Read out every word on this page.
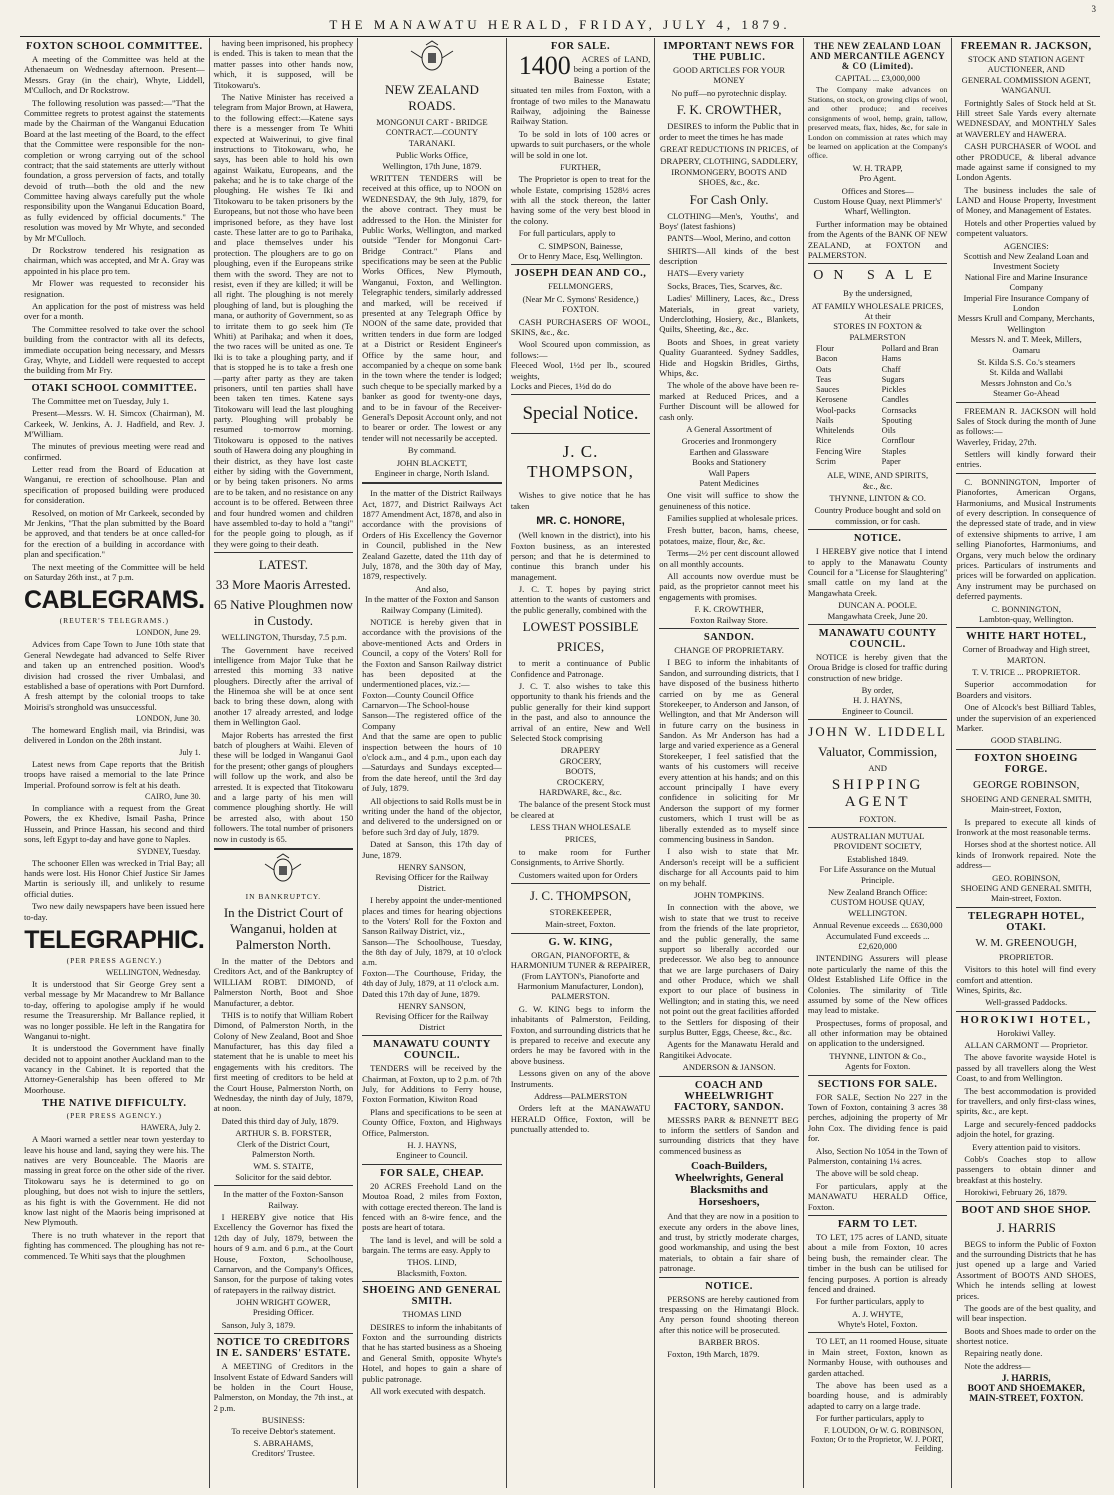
THE MANAWATU HERALD, FRIDAY, JULY 4, 1879.
3
FOXTON SCHOOL COMMITTEE.

A meeting of the Committee was held at the Athenaeum on Wednesday afternoon. Present—Messrs. Gray (in the chair), Whyte, Liddell, M'Culloch, and Dr Rockstrow.

The following resolution was passed:—"That the Committee regrets to protest against the statements made by the Chairman of the Wanganui Education Board at the last meeting of the Board, to the effect that the Committee were responsible for the non-completion or wrong carrying out of the school contract; that the said statements are utterly without foundation, a gross perversion of facts, and totally devoid of truth—both the old and the new Committee having always carefully put the whole responsibility upon the Wanganui Education Board, as fully evidenced by official documents." The resolution was moved by Mr Whyte, and seconded by Mr M'Culloch.

Dr Rockstrow tendered his resignation as chairman, which was accepted, and Mr A. Gray was appointed in his place pro tem.

Mr Flower was requested to reconsider his resignation.

An application for the post of mistress was held over for a month.

The Committee resolved to take over the school building from the contractor with all its defects, immediate occupation being necessary, and Messrs Gray, Whyte, and Liddell were requested to accept the building from Mr Fry.

OTAKI SCHOOL COMMITTEE.

The Committee met on Tuesday, July 1.

Present—Messrs. W. H. Simcox (Chairman), M. Carkeek, W. Jenkins, A. J. Hadfield, and Rev. J. M'William.

The minutes of previous meeting were read and confirmed.

Letter read from the Board of Education at Wanganui, re erection of schoolhouse. Plan and specification of proposed building were produced for consideration.

Resolved, on motion of Mr Carkeek, seconded by Mr Jenkins, "That the plan submitted by the Board be approved, and that tenders be at once called-for for the erection of a building in accordance with plan and specification."

The next meeting of the Committee will be held on Saturday 26th inst., at 7 p.m.

CABLEGRAMS.
(REUTER'S TELEGRAMS.)
LONDON, June 29.

Advices from Cape Town to June 10th state that General Newdegate had advanced to Selfe River and taken up an entrenched position. Wood's division had crossed the river Umbalasi, and established a base of operations with Port Durnford. A fresh attempt by the colonial troops to take Moirisi's stronghold was unsuccessful.

LONDON, June 30.

The homeward English mail, via Brindisi, was delivered in London on the 28th instant.

July 1.

Latest news from Cape reports that the British troops have raised a memorial to the late Prince Imperial. Profound sorrow is felt at his death.

CAIRO, June 30.

In compliance with a request from the Great Powers, the ex Khedive, Ismail Pasha, Prince Hussein, and Prince Hassan, his second and third sons, left Egypt to-day and have gone to Naples.

SYDNEY, Tuesday.

The schooner Ellen was wrecked in Trial Bay; all hands were lost. His Honor Chief Justice Sir James Martin is seriously ill, and unlikely to resume official duties.

Two new daily newspapers have been issued here to-day.

TELEGRAPHIC.
(PER PRESS AGENCY.)
WELLINGTON, Wednesday.

It is understood that Sir George Grey sent a verbal message by Mr Macandrew to Mr Ballance to-day, offering to apologise amply if he would resume the Treasurership. Mr Ballance replied, it was no longer possible. He left in the Rangatira for Wanganui to-night.

It is understood the Government have finally decided not to appoint another Auckland man to the vacancy in the Cabinet. It is reported that the Attorney-Generalship has been offered to Mr Moorhouse.

THE NATIVE DIFFICULTY.
(PER PRESS AGENCY.)
HAWERA, July 2.

A Maori warned a settler near town yesterday to leave his house and land, saying they were his. The natives are very Bounceable. The Maoris are massing in great force on the other side of the river. Titokowaru says he is determined to go on ploughing, but does not wish to injure the settlers, as his fight is with the Government. He did not know last night of the Maoris being imprisoned at New Plymouth.

There is no truth whatever in the report that fighting has commenced. The ploughing has not re-commenced. Te Whiti says that the ploughmen

having been imprisoned, his prophecy is ended. This is taken to mean that the matter passes into other hands now, which, it is supposed, will be Titokowaru's.

The Native Minister has received a telegram from Major Brown, at Hawera, to the following effect:—Katene says there is a messenger from Te Whiti expected at Waiwerinui, to give final instructions to Titokowaru, who, he says, has been able to hold his own against Waikatu, Europeans, and the pakeha; and he is to take charge of the ploughing. He wishes Te Iki and Titokowaru to be taken prisoners by the Europeans, but not those who have been imprisoned before, as they have lost caste. These latter are to go to Parihaka, and place themselves under his protection. The ploughers are to go on ploughing, even if the Europeans strike them with the sword. They are not to resist, even if they are killed; it will be all right. The ploughing is not merely ploughing of land, but is ploughing the mana, or authority of Government, so as to irritate them to go seek him (Te Whiti) at Parihaka; and when it does, the two races will be united as one. Te Iki is to take a ploughing party, and if that is stopped he is to take a fresh one—party after party as they are taken prisoners, until ten parties shall have been taken ten times. Katene says Titokowaru will lead the last ploughing party. Ploughing will probably be resumed to-morrow morning. Titokowaru is opposed to the natives south of Hawera doing any ploughing in their district, as they have lost caste either by siding with the Government, or by being taken prisoners. No arms are to be taken, and no resistance on any account is to be offered. Between three and four hundred women and children have assembled to-day to hold a "tangi" for the people going to plough, as if they were going to their death.

LATEST.
33 More Maoris Arrested.
65 Native Ploughmen now in Custody.

WELLINGTON, Thursday, 7.5 p.m.

The Government have received intelligence from Major Tuke that he arrested this morning 33 native ploughers. Directly after the arrival of the Hinemoa she will be at once sent back to bring these down, along with another 17 already arrested, and lodge them in Wellington Gaol.

Major Roberts has arrested the first batch of ploughers at Waihi. Eleven of these will be lodged in Wanganui Gaol for the present; other gangs of ploughers will follow up the work, and also be arrested. It is expected that Titokowaru and a large party of his men will commence ploughing shortly. He will be arrested also, with about 150 followers. The total number of prisoners now in custody is 65.

IN BANKRUPTCY.
In the District Court of Wanganui, holden at Palmerston North.

In the matter of the Debtors and Creditors Act, and of the Bankruptcy of WILLIAM ROBT. DIMOND, of Palmerston North, Boot and Shoe Manufacturer, a debtor.

THIS is to notify that William Robert Dimond, of Palmerston North, in the Colony of New Zealand, Boot and Shoe Manufacturer, has this day filed a statement that he is unable to meet his engagements with his creditors. The first meeting of creditors to be held at the Court House, Palmerston North, on Wednesday, the ninth day of July, 1879, at noon.

Dated this third day of July, 1879.

ARTHUR S. B. FORSTER,
Clerk of the District Court,
Palmerston North.
WM. S. STAITE,
Solicitor for the said debtor.

In the matter of the Foxton-Sanson Railway.

I HEREBY give notice that His Excellency the Governor has fixed the 12th day of July, 1879, between the hours of 9 a.m. and 6 p.m., at the Court House, Foxton, Schoolhouse, Carnarvon, and the Company's Offices, Sanson, for the purpose of taking votes of ratepayers in the railway district.

JOHN WRIGHT GOWER,
Presiding Officer.

Sanson, July 3, 1879.

NOTICE TO CREDITORS IN E. SANDERS' ESTATE.

A MEETING of Creditors in the Insolvent Estate of Edward Sanders will be holden in the Court House, Palmerston, on Monday, the 7th inst., at 2 p.m.

BUSINESS:
To receive Debtor's statement.

S. ABRAHAMS,
Creditors' Trustee.
NEW ZEALAND ROADS.
MONGONUI CART - BRIDGE CONTRACT.—COUNTY TARANAKI.

Public Works Office,
Wellington, 17th June, 1879.

WRITTEN TENDERS will be received at this office, up to NOON on WEDNESDAY, the 9th July, 1879, for the above contract. They must be addressed to the Hon. the Minister for Public Works, Wellington, and marked outside "Tender for Mongonui Cart-Bridge Contract." Plans and specifications may be seen at the Public Works Offices, New Plymouth, Wanganui, Foxton, and Wellington. Telegraphic tenders, similarly addressed and marked, will be received if presented at any Telegraph Office by NOON of the same date, provided that written tenders in due form are lodged at a District or Resident Engineer's Office by the same hour, and accompanied by a cheque on some bank in the town where the tender is lodged; such cheque to be specially marked by a banker as good for twenty-one days, and to be in favour of the Receiver-General's Deposit Account only, and not to bearer or order. The lowest or any tender will not necessarily be accepted.

By command.

JOHN BLACKETT,
Engineer in charge, North Island.

In the matter of the District Railways Act, 1877, and District Railways Act 1877 Amendment Act, 1878, and also in accordance with the provisions of Orders of His Excellency the Governor in Council, published in the New Zealand Gazette, dated the 11th day of July, 1878, and the 30th day of May, 1879, respectively.

And also,
In the matter of the Foxton and Sanson Railway Company (Limited).

NOTICE is hereby given that in accordance with the provisions of the above-mentioned Acts and Orders in Council, a copy of the Voters' Roll for the Foxton and Sanson Railway district has been deposited at the undermentioned places, viz.:—
Foxton—County Council Office
Carnarvon—The School-house
Sanson—The registered office of the Company
And that the same are open to public inspection between the hours of 10 o'clock a.m., and 4 p.m., upon each day—Saturdays and Sundays excepted—from the date hereof, until the 3rd day of July, 1879.

All objections to said Rolls must be in writing under the hand of the objector, and delivered to the undersigned on or before such 3rd day of July, 1879.

Dated at Sanson, this 17th day of June, 1879.

HENRY SANSON,
Revising Officer for the Railway District.

I hereby appoint the under-mentioned places and times for hearing objections to the Voters' Roll for the Foxton and Sanson Railway District, viz.,
Sanson—The Schoolhouse, Tuesday, the 8th day of July, 1879, at 10 o'clock a.m.
Foxton—The Courthouse, Friday, the 4th day of July, 1879, at 11 o'clock a.m.
Dated this 17th day of June, 1879.

HENRY SANSON,
Revising Officer for the Railway District
MANAWATU COUNTY COUNCIL.

TENDERS will be received by the Chairman, at Foxton, up to 2 p.m. of 7th July, for Additions to Ferry house, Foxton Formation, Kiwiton Road

Plans and specifications to be seen at County Office, Foxton, and Highways Office, Palmerston.

H. J. HAYNS,
Engineer to Council.
FOR SALE, CHEAP.

20 ACRES Freehold Land on the Moutoa Road, 2 miles from Foxton, with cottage erected thereon. The land is fenced with an 8-wire fence, and the posts are heart of totara.

The land is level, and will be sold a bargain. The terms are easy. Apply to

THOS. LIND,
Blacksmith, Foxton.
SHOEING AND GENERAL SMITH.
THOMAS LIND

DESIRES to inform the inhabitants of Foxton and the surrounding districts that he has started business as a Shoeing and General Smith, opposite Whyte's Hotel, and hopes to gain a share of public patronage.

All work executed with despatch.

FOR SALE.

1400 ACRES of LAND, being a portion of the Bainesse Estate; situated ten miles from Foxton, with a frontage of two miles to the Manawatu Railway, adjoining the Bainesse Railway Station.

To be sold in lots of 100 acres or upwards to suit purchasers, or the whole will be sold in one lot.

FURTHER,

The Proprietor is open to treat for the whole Estate, comprising 1528½ acres with all the stock thereon, the latter having some of the very best blood in the colony.

For full particulars, apply to

C. SIMPSON, Bainesse,
Or to Henry Mace, Esq, Wellington.
JOSEPH DEAN AND CO.,
FELLMONGERS,

(Near Mr C. Symons' Residence,)
FOXTON.

CASH PURCHASERS OF WOOL, SKINS, &c., &c.

Wool Scoured upon commission, as follows:—
Fleeced Wool, 1½d per lb., scoured weights,
Locks and Pieces, 1½d do do

Special Notice.
J. C. THOMPSON,

Wishes to give notice that he has taken

MR. C. HONORE,

(Well known in the district), into his Foxton business, as an interested person; and that he is determined to continue this branch under his management.

J. C. T. hopes by paying strict attention to the wants of customers and the public generally, combined with the

LOWEST POSSIBLE
PRICES,

to merit a continuance of Public Confidence and Patronage.

J. C. T. also wishes to take this opportunity to thank his friends and the public generally for their kind support in the past, and also to announce the arrival of an entire, New and Well Selected Stock comprising

DRAPERY
GROCERY,
BOOTS,
CROCKERY,
HARDWARE, &c., &c.

The balance of the present Stock must be cleared at

LESS THAN WHOLESALE
PRICES,

to make room for Further Consignments, to Arrive Shortly.

Customers waited upon for Orders

J. C. THOMPSON,
STOREKEEPER,

Main-street, Foxton.

G. W. KING,

ORGAN, PIANOFORTE, & HARMONIUM TUNER & REPAIRER,
(From LAYTON's, Pianoforte and Harmonium Manufacturer, London),
PALMERSTON.

G. W. KING begs to inform the inhabitants of Palmerston, Feilding, Foxton, and surrounding districts that he is prepared to receive and execute any orders he may be favored with in the above business.

Lessons given on any of the above Instruments.

Address—PALMERSTON

Orders left at the MANAWATU HERALD Office, Foxton, will be punctually attended to.

IMPORTANT NEWS FOR THE PUBLIC.

GOOD ARTICLES FOR YOUR MONEY

No puff—no pyrotechnic display.

F. K. CROWTHER,

DESIRES to inform the Public that in order to meet the times he has made

GREAT REDUCTIONS IN PRICES, of

DRAPERY, CLOTHING, SADDLERY, IRONMONGERY, BOOTS AND SHOES, &c., &c.

For Cash Only.

CLOTHING—Men's, Youths', and Boys' (latest fashions)

PANTS—Wool, Merino, and cotton

SHIRTS—All kinds of the best description

HATS—Every variety

Socks, Braces, Ties, Scarves, &c.

Ladies' Millinery, Laces, &c., Dress Materials, in great variety, Underclothing, Hosiery, &c., Blankets, Quilts, Sheeting, &c., &c.

Boots and Shoes, in great variety Quality Guaranteed. Sydney Saddles, Hide and Hogskin Bridles, Girths, Whips, &c.

The whole of the above have been re-marked at Reduced Prices, and a Further Discount will be allowed for cash only.

A General Assortment of

Groceries and Ironmongery
Earthen and Glassware
Books and Stationery
Wall Papers
Patent Medicines

One visit will suffice to show the genuineness of this notice.

Families supplied at wholesale prices.

Fresh butter, bacon, hams, cheese, potatoes, maize, flour, &c, &c.

Terms—2½ per cent discount allowed on all monthly accounts.

All accounts now overdue must be paid, as the proprietor cannot meet his engagements with promises.

F. K. CROWTHER,
Foxton Railway Store.
SANDON.
CHANGE OF PROPRIETARY.

I BEG to inform the inhabitants of Sandon, and surrounding districts, that I have disposed of the business hitherto carried on by me as General Storekeeper, to Anderson and Janson, of Wellington, and that Mr Anderson will in future carry on the business in Sandon. As Mr Anderson has had a large and varied experience as a General Storekeeper, I feel satisfied that the wants of his customers will receive every attention at his hands; and on this account principally I have every confidence in soliciting for Mr Anderson the support of my former customers, which I trust will be as liberally extended as to myself since commencing business in Sandon.

I also wish to state that Mr. Anderson's receipt will be a sufficient discharge for all Accounts paid to him on my behalf.

JOHN TOMPKINS.

In connection with the above, we wish to state that we trust to receive from the friends of the late proprietor, and the public generally, the same support so liberally accorded our predecessor. We also beg to announce that we are large purchasers of Dairy and other Produce, which we shall export to our place of business in Wellington; and in stating this, we need not point out the great facilities afforded to the Settlers for disposing of their surplus Butter, Eggs, Cheese, &c., &c.

Agents for the Manawatu Herald and Rangitikei Advocate.

ANDERSON & JANSON.
COACH AND WHEELWRIGHT FACTORY, SANDON.

MESSRS PARR & BENNETT BEG to inform the settlers of Sandon and surrounding districts that they have commenced business as

Coach-Builders, Wheelwrights, General Blacksmiths and Horseshoers,

And that they are now in a position to execute any orders in the above lines, and trust, by strictly moderate charges, good workmanship, and using the best materials, to obtain a fair share of patronage.

NOTICE.

PERSONS are hereby cautioned from trespassing on the Himatangi Block. Any person found shooting thereon after this notice will be prosecuted.

BARBER BROS.

Foxton, 19th March, 1879.

THE NEW ZEALAND LOAN AND MERCANTILE AGENCY & CO (Limited).

CAPITAL ... £3,000,000

The Company make advances on Stations, on stock, on growing clips of wool, and other produce; and receives consignments of wool, hemp, grain, tallow, preserved meats, flax, hides, &c, for sale in London on commission at rates which may be learned on application at the Company's office.

W. H. TRAPP,
Pro Agent.

Offices and Stores—
Custom House Quay, next Plimmer's' Wharf, Wellington.

Further information may be obtained from the Agents of the BANK OF NEW ZEALAND, at FOXTON and PALMERSTON.

ON SALE

By the undersigned,

AT FAMILY WHOLESALE PRICES,
At their
STORES IN FOXTON & PALMERSTON

Flour
Bacon
Oats
Teas
Sauces
Kerosene
Wool-packs
Nails
Whitelends
Rice
Fencing Wire
Scrim
Pollard and Bran
Hams
Chaff
Sugars
Pickles
Candles
Cornsacks
Spouting
Oils
Cornflour
Staples
Paper

ALE, WINE, AND SPIRITS,
&c., &c.

THYNNE, LINTON & CO.

Country Produce bought and sold on commission, or for cash.

NOTICE.

I HEREBY give notice that I intend to apply to the Manawatu County Council for a "License for Slaughtering" small cattle on my land at the Mangawhata Creek.

DUNCAN A. POOLE.
Mangawhata Creek, June 20.
MANAWATU COUNTY COUNCIL.

NOTICE is hereby given that the Oroua Bridge is closed for traffic during construction of new bridge.

By order,
H. J. HAYNS,
Engineer to Council.
JOHN W. LIDDELL
Valuator, Commission,

AND

SHIPPING AGENT

FOXTON.

AUSTRALIAN MUTUAL PROVIDENT SOCIETY,

Established 1849.
For Life Assurance on the Mutual Principle.

New Zealand Branch Office:
CUSTOM HOUSE QUAY, WELLINGTON.

Annual Revenue exceeds ... £630,000
Accumulated Fund exceeds ... £2,620,000

INTENDING Assurers will please note particularly the name of this the Oldest Established Life Office in the Colonies. The similarity of Title assumed by some of the New offices may lead to mistake.

Prospectuses, forms of proposal, and all other information may be obtained on application to the undersigned.

THYNNE, LINTON & Co.,
Agents for Foxton.
SECTIONS FOR SALE.

FOR SALE, Section No 227 in the Town of Foxton, containing 3 acres 38 perches, adjoining the property of Mr John Cox. The dividing fence is paid for.

Also, Section No 1054 in the Town of Palmerston, containing 1¼ acres.

The above will be sold cheap.

For particulars, apply at the MANAWATU HERALD Office, Foxton.

FARM TO LET.

TO LET, 175 acres of LAND, situate about a mile from Foxton, 10 acres being bush, the remainder clear. The timber in the bush can be utilised for fencing purposes. A portion is already fenced and drained.

For further particulars, apply to

A. J. WHYTE,
Whyte's Hotel, Foxton.

TO LET, an 11 roomed House, situate in Main street, Foxton, known as Normanby House, with outhouses and garden attached.

The above has been used as a boarding house, and is admirably adapted to carry on a large trade.

For further particulars, apply to

F. LOUDON, Or W. G. ROBINSON, Foxton; Or to the Proprietor, W. J. PORT, Feilding.
FREEMAN R. JACKSON,

STOCK AND STATION AGENT
AUCTIONEER, AND
GENERAL COMMISSION AGENT,
WANGANUI.

Fortnightly Sales of Stock held at St. Hill street Sale Yards every alternate WEDNESDAY, and MONTHLY Sales at WAVERLEY and HAWERA.

CASH PURCHASER of WOOL and other PRODUCE, & liberal advance made against same if consigned to my London Agents.

The business includes the sale of LAND and House Property, Investment of Money, and Management of Estates.

Hotels and other Properties valued by competent valuators.

AGENCIES:
Scottish and New Zealand Loan and Investment Society
National Fire and Marine Insurance Company
Imperial Fire Insurance Company of London
Messrs Krull and Company, Merchants, Wellington
Messrs N. and T. Meek, Millers, Oamaru

St. Kilda S.S. Co.'s steamers
St. Kilda and Wallabi
Messrs Johnston and Co.'s
Steamer Go-Ahead

FREEMAN R. JACKSON will hold Sales of Stock during the month of June as follows:—
Waverley, Friday, 27th.

Settlers will kindly forward their entries.

C. BONNINGTON, Importer of Pianofortes, American Organs, Harmoniums, and Musical Instruments of every description. In consequence of the depressed state of trade, and in view of extensive shipments to arrive, I am selling Pianofortes, Harmoniums, and Organs, very much below the ordinary prices. Particulars of instruments and prices will be forwarded on application. Any instrument may be purchased on deferred payments.

C. BONNINGTON,
Lambton-quay, Wellington.
WHITE HART HOTEL,

Corner of Broadway and High street,
MARTON.

T. V. TRICE ... PROPRIETOR.

Superior accommodation for Boarders and visitors.

One of Alcock's best Billiard Tables, under the supervision of an experienced Marker.

GOOD STABLING.

FOXTON SHOEING FORGE.
GEORGE ROBINSON,

SHOEING AND GENERAL SMITH,
Main-street, Foxton,

Is prepared to execute all kinds of Ironwork at the most reasonable terms.

Horses shod at the shortest notice. All kinds of Ironwork repaired. Note the address—

GEO. ROBINSON,
SHOEING AND GENERAL SMITH,
Main-street, Foxton.
TELEGRAPH HOTEL, OTAKI.
W. M. GREENOUGH,

PROPRIETOR.

Visitors to this hotel will find every comfort and attention.
Wines, Spirits, &c.

Well-grassed Paddocks.

HOROKIWI HOTEL,

Horokiwi Valley.

ALLAN CARMONT — Proprietor.

The above favorite wayside Hotel is passed by all travellers along the West Coast, to and from Wellington.

The best accommodation is provided for travellers, and only first-class wines, spirits, &c., are kept.

Large and securely-fenced paddocks adjoin the hotel, for grazing.

Every attention paid to visitors.

Cobb's Coaches stop to allow passengers to obtain dinner and breakfast at this hostelry.

Horokiwi, February 26, 1879.

BOOT AND SHOE SHOP.
J. HARRIS

BEGS to inform the Public of Foxton and the surrounding Districts that he has just opened up a large and Varied Assortment of BOOTS AND SHOES, Which he intends selling at lowest prices.

The goods are of the best quality, and will bear inspection.

Boots and Shoes made to order on the shortest notice.

Repairing neatly done.

Note the address—

J. HARRIS,
BOOT AND SHOEMAKER,
MAIN-STREET, FOXTON.
